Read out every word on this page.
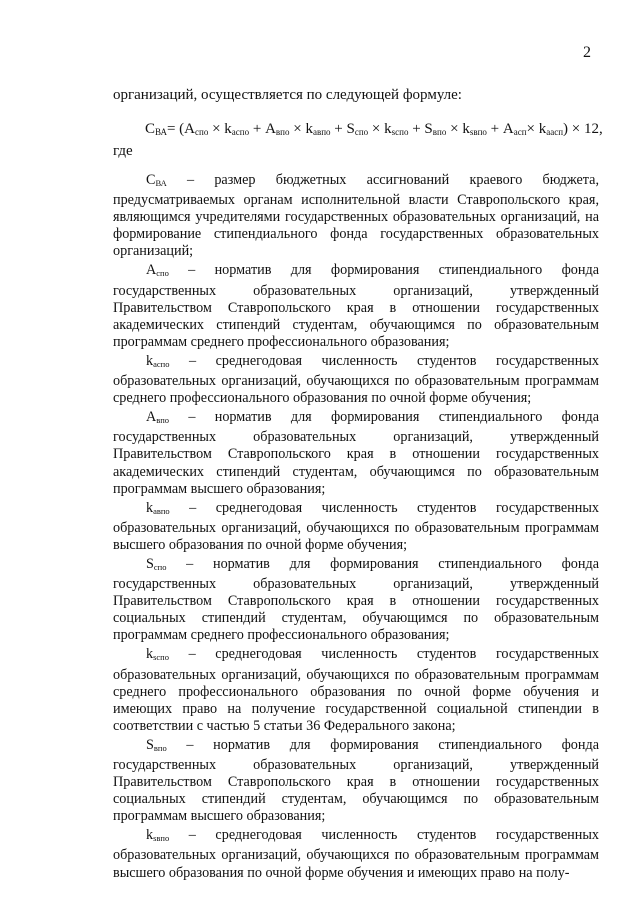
2
организаций, осуществляется по следующей формуле:
$С_{ВА}= (А_{спо} \times k_{аспо} + А_{впо} \times k_{авпо} + S_{спо} \times k_{sспо} + S_{впо} \times k_{sвпо} + А_{асп}\times k_{аасп}) \times 12$,
где

$С_{ВА}$ – размер бюджетных ассигнований краевого бюджета, предусматриваемых органам исполнительной власти Ставропольского края, являющимся учредителями государственных образовательных организаций, на формирование стипендиального фонда государственных образовательных организаций;

$А_{спо}$ – норматив для формирования стипендиального фонда государственных образовательных организаций, утвержденный Правительством Ставропольского края в отношении государственных академических стипендий студентам, обучающимся по образовательным программам среднего профессионального образования;

$k_{аспо}$ – среднегодовая численность студентов государственных образовательных организаций, обучающихся по образовательным программам среднего профессионального образования по очной форме обучения;

$А_{впо}$ – норматив для формирования стипендиального фонда государственных образовательных организаций, утвержденный Правительством Ставропольского края в отношении государственных академических стипендий студентам, обучающимся по образовательным программам высшего образования;

$k_{авпо}$ – среднегодовая численность студентов государственных образовательных организаций, обучающихся по образовательным программам высшего образования по очной форме обучения;

$S_{спо}$ – норматив для формирования стипендиального фонда государственных образовательных организаций, утвержденный Правительством Ставропольского края в отношении государственных социальных стипендий студентам, обучающимся по образовательным программам среднего профессионального образования;

$k_{sспо}$ – среднегодовая численность студентов государственных образовательных организаций, обучающихся по образовательным программам среднего профессионального образования по очной форме обучения и имеющих право на получение государственной социальной стипендии в соответствии с частью 5 статьи 36 Федерального закона;

$S_{впо}$ – норматив для формирования стипендиального фонда государственных образовательных организаций, утвержденный Правительством Ставропольского края в отношении государственных социальных стипендий студентам, обучающимся по образовательным программам высшего образования;

$k_{sвпо}$ – среднегодовая численность студентов государственных образовательных организаций, обучающихся по образовательным программам высшего образования по очной форме обучения и имеющих право на полу-
